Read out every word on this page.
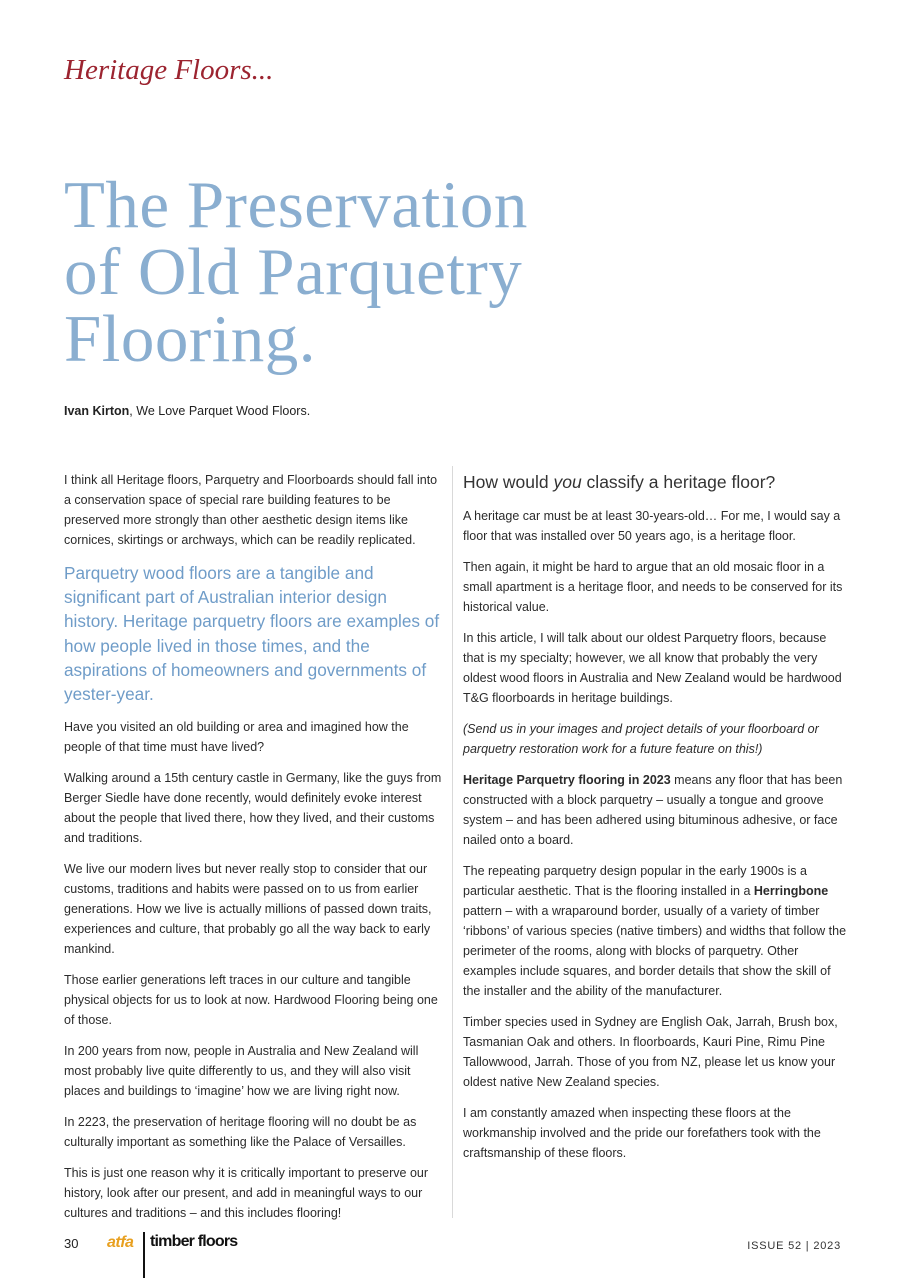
Heritage Floors...
The Preservation
of Old Parquetry
Flooring.
Ivan Kirton, We Love Parquet Wood Floors.

I think all Heritage floors, Parquetry and Floorboards should fall into a conservation space of special rare building features to be preserved more strongly than other aesthetic design items like cornices, skirtings or archways, which can be readily replicated.

Parquetry wood floors are a tangible and significant part of Australian interior design history. Heritage parquetry floors are examples of how people lived in those times, and the aspirations of homeowners and governments of yester-year.

Have you visited an old building or area and imagined how the people of that time must have lived?

Walking around a 15th century castle in Germany, like the guys from Berger Siedle have done recently, would definitely evoke interest about the people that lived there, how they lived, and their customs and traditions.

We live our modern lives but never really stop to consider that our customs, traditions and habits were passed on to us from earlier generations. How we live is actually millions of passed down traits, experiences and culture, that probably go all the way back to early mankind.

Those earlier generations left traces in our culture and tangible physical objects for us to look at now. Hardwood Flooring being one of those.

In 200 years from now, people in Australia and New Zealand will most probably live quite differently to us, and they will also visit places and buildings to ‘imagine’ how we are living right now.

In 2223, the preservation of heritage flooring will no doubt be as culturally important as something like the Palace of Versailles.

This is just one reason why it is critically important to preserve our history, look after our present, and add in meaningful ways to our cultures and traditions – and this includes flooring!

How would you classify a heritage floor?

A heritage car must be at least 30-years-old… For me, I would say a floor that was installed over 50 years ago, is a heritage floor.

Then again, it might be hard to argue that an old mosaic floor in a small apartment is a heritage floor, and needs to be conserved for its historical value.

In this article, I will talk about our oldest Parquetry floors, because that is my specialty; however, we all know that probably the very oldest wood floors in Australia and New Zealand would be hardwood T&G floorboards in heritage buildings.

(Send us in your images and project details of your floorboard or parquetry restoration work for a future feature on this!)

Heritage Parquetry flooring in 2023 means any floor that has been constructed with a block parquetry – usually a tongue and groove system – and has been adhered using bituminous adhesive, or face nailed onto a board.

The repeating parquetry design popular in the early 1900s is a particular aesthetic. That is the flooring installed in a Herringbone pattern – with a wraparound border, usually of a variety of timber ‘ribbons’ of various species (native timbers) and widths that follow the perimeter of the rooms, along with blocks of parquetry. Other examples include squares, and border details that show the skill of the installer and the ability of the manufacturer.

Timber species used in Sydney are English Oak, Jarrah, Brush box, Tasmanian Oak and others. In floorboards, Kauri Pine, Rimu Pine Tallowwood, Jarrah. Those of you from NZ, please let us know your oldest native New Zealand species.

I am constantly amazed when inspecting these floors at the workmanship involved and the pride our forefathers took with the craftsmanship of these floors.

30 atfa timber floors	ISSUE 52 | 2023
